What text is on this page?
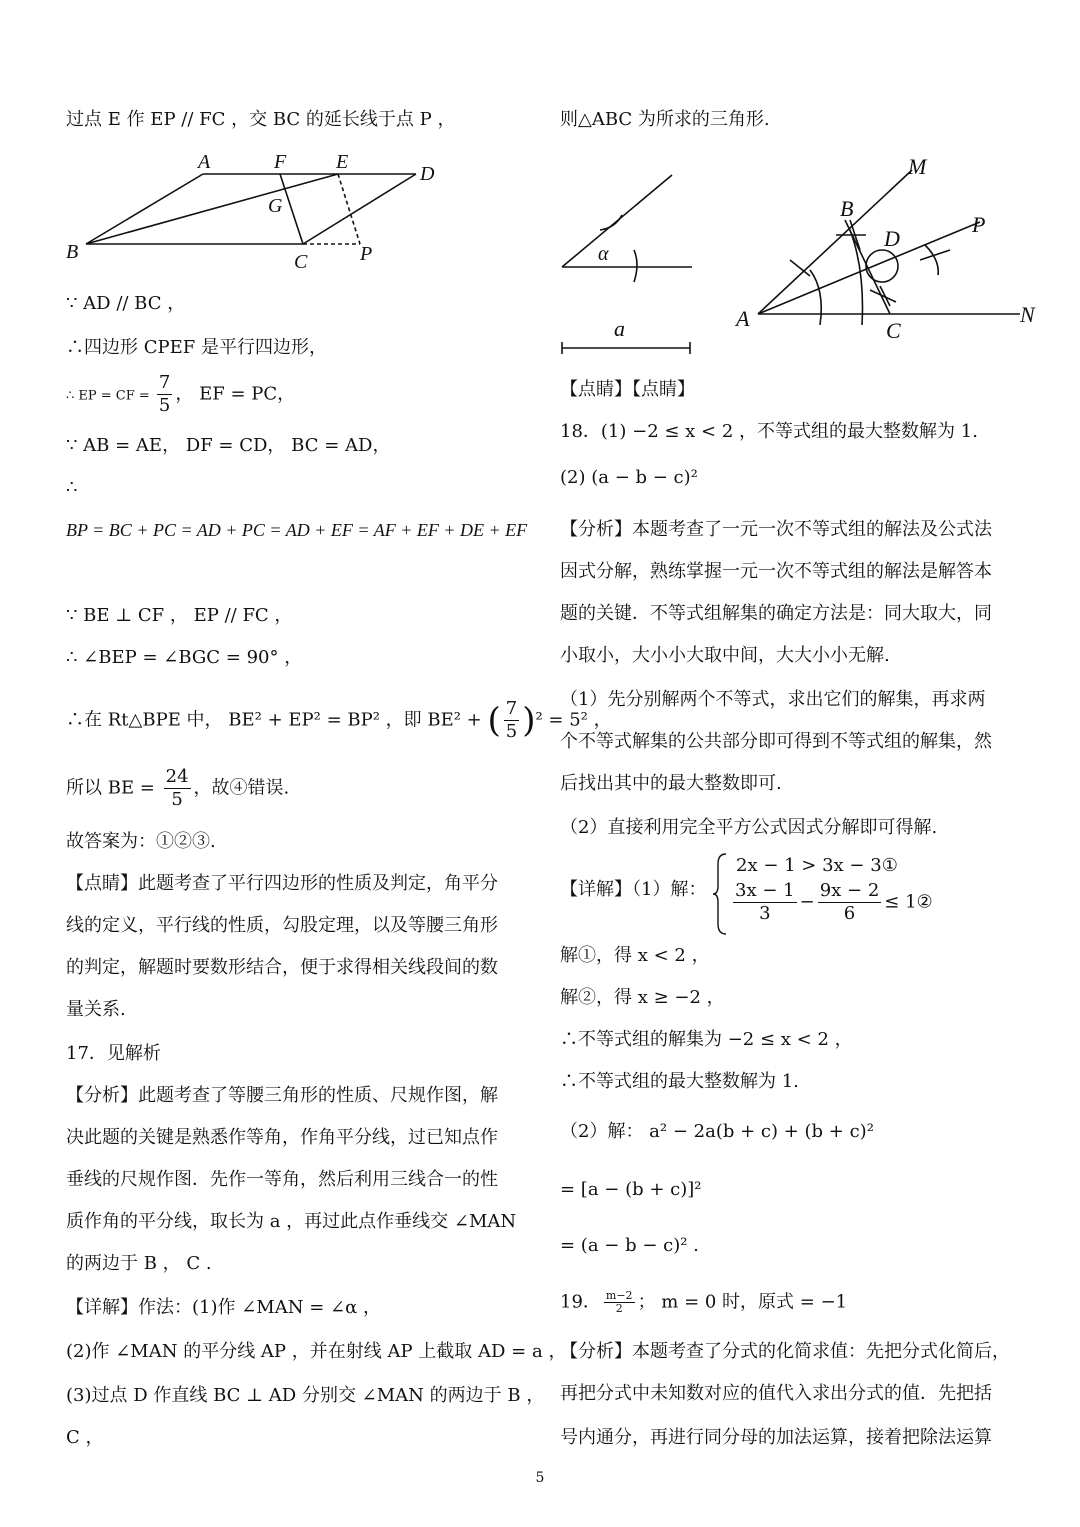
过点 E 作 EP // FC ，交 BC 的延长线于点 P ，
A	F E
D
G
B	C	P
∵ AD // BC ，
∴四边形 CPEF 是平行四边形，
∴ EP = CF = $\frac{7}{5}$ ， EF = PC，
∵ AB = AE， DF = CD， BC = AD，
∴
BP = BC + PC = AD + PC = AD + EF = AF + EF + DE + EF
∵ BE ⊥ CF ， EP // FC ，
∴ ∠BEP = ∠BGC = 90° ，
∴在 Rt△BPE 中， BE² + EP² = BP² ，即 BE² + ( $\frac{7}{5} )^2 = 5^2$ ，
所以 BE = $\frac{24}{5}$ ，故④错误.
故答案为：①②③.
【点睛】此题考查了平行四边形的性质及判定，角平分
线的定义，平行线的性质，勾股定理，以及等腰三角形
的判定，解题时要数形结合，便于求得相关线段间的数
量关系.
17．见解析
【分析】此题考查了等腰三角形的性质、尺规作图，解
决此题的关键是熟悉作等角，作角平分线，过已知点作
垂线的尺规作图．先作一等角，然后利用三线合一的性
质作角的平分线，取长为 a ，再过此点作垂线交 ∠MAN
的两边于 B ， C .
【详解】作法：(1)作 ∠MAN = ∠α ，
(2)作 ∠MAN 的平分线 AP ，并在射线 AP 上截取 AD = a ，
(3)过点 D 作直线 BC ⊥ AD 分别交 ∠MAN 的两边于 B ，
C ，
则△ABC 为所求的三角形.
α
a
M
B
D
P
A	C
N
【点睛】【点睛】
18．(1) −2 ≤ x < 2 ，不等式组的最大整数解为 1.
(2) (a − b − c)²
【分析】本题考查了一元一次不等式组的解法及公式法
因式分解，熟练掌握一元一次不等式组的解法是解答本
题的关键．不等式组解集的确定方法是：同大取大，同
小取小，大小小大取中间，大大小小无解.
（1）先分别解两个不等式，求出它们的解集，再求两
个不等式解集的公共部分即可得到不等式组的解集，然
后找出其中的最大整数即可.
（2）直接利用完全平方公式因式分解即可得解.
【详解】（1）解：
2x − 1 > 3x − 3①
$\frac{3x - 1}{3} - \frac{9x - 2}{6}$ ≤ 1②
解①，得 x < 2 ，
解②，得 x ≥ −2 ，
∴不等式组的解集为 −2 ≤ x < 2 ，
∴不等式组的最大整数解为 1.
（2）解： a² − 2a(b + c) + (b + c)²
= [a − (b + c)]²
= (a − b − c)² .
19． $\frac{m-2}{2}$ ； m = 0 时，原式 = −1
【分析】本题考查了分式的化简求值：先把分式化简后，
再把分式中未知数对应的值代入求出分式的值．先把括
号内通分，再进行同分母的加法运算，接着把除法运算
5
